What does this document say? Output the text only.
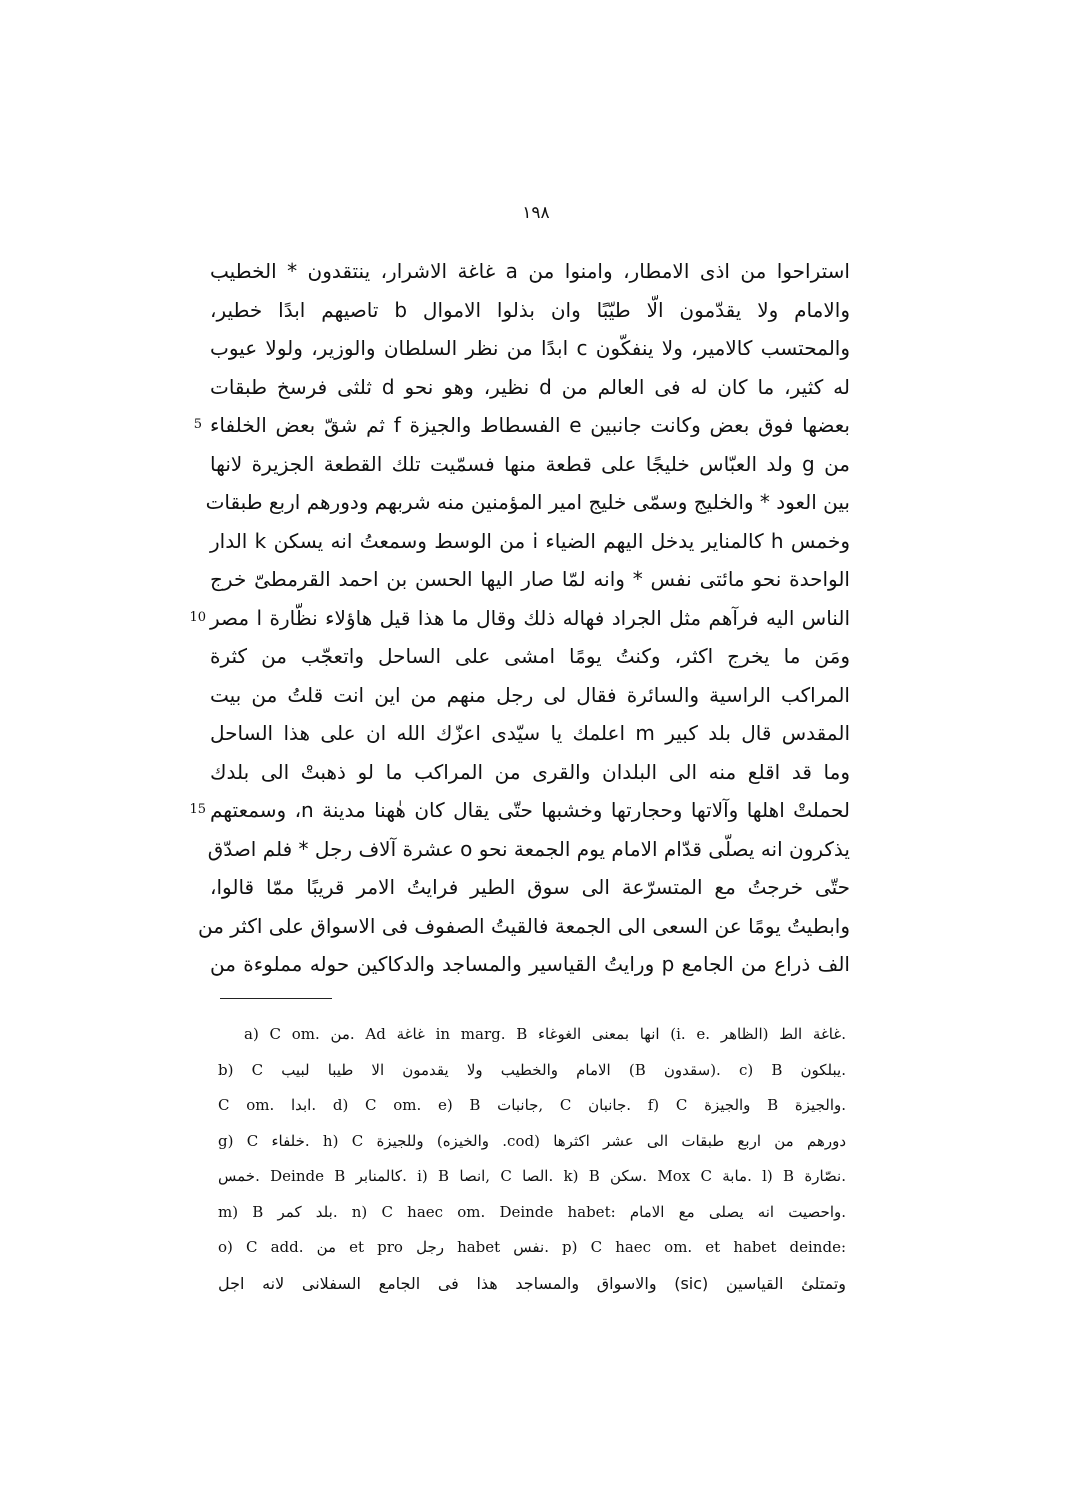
١٩٨
استراحوا من اذى الامطار، وامنوا من a غاغة الاشرار، ينتقدون * الخطيب
والامام ولا يقدّمون الّا طيّبًا وان بذلوا الاموال b تاصيهم ابدًا خطير،
والمحتسب كالامير، ولا ينفكّون c ابدًا من نظر السلطان والوزير، ولولا عيوب
له كثير، ما كان له فى العالم من d نظير، وهو نحو d ثلثى فرسخ طبقات
5 بعضها فوق بعض وكانت جانبين e الفسطاط والجيزة f ثم شقّ بعض الخلفاء
من g ولد العبّاس خليجًا على قطعة منها فسمّيت تلك القطعة الجزيرة لانها
بين العود * والخليج وسمّى خليج امير المؤمنين منه شربهم ودورهم اربع طبقات
وخمس h كالمناير يدخل اليهم الضياء i من الوسط وسمعتُ انه يسكن k الدار
الواحدة نحو مائتى نفس * وانه لمّا صار اليها الحسن بن احمد القرمطىّ خرج
10 الناس اليه فرآهم مثل الجراد فهاله ذلك وقال ما هذا قيل هاؤلاء نظّارة l مصر
ومَن ما يخرج اكثر، وكنتُ يومًا امشى على الساحل واتعجّب من كثرة
المراكب الراسية والسائرة فقال لى رجل منهم من اين انت قلتُ من بيت
المقدس قال بلد كبير m اعلمك يا سيّدى اعزّك الله ان على هذا الساحل
وما قد اقلع منه الى البلدان والقرى من المراكب ما لو ذهبتْ الى بلدك
15 لحملتْ اهلها وآلاتها وحجارتها وخشبها حتّى يقال كان هٰهنا مدينة n، وسمعتهم
يذكرون انه يصلّى قدّام الامام يوم الجمعة نحو o عشرة آلاف رجل * فلم اصدّق
حتّى خرجتُ مع المتسرّعة الى سوق الطير فرايتُ الامر قريبًا ممّا قالوا،
وابطيتُ يومًا عن السعى الى الجمعة فالقيتُ الصفوف فى الاسواق على اكثر من
الف ذراع من الجامع p ورايتُ القياسير والمساجد والدكاكين حوله مملوءة من
a) C om. من. Ad غاغة in marg. B انها بمعنى الغوغاء (i. e. الظاهر) غاغة الط.
b) C الامام والخطيب ولا يقدمون الا طيبا لبيب (B سقدون). c) B يبلكون.
C om. ابدا. d) C om. e) B جانبات, C جانبان. f) C والجيزة B والجيزة.
g) C خلفاء. h) C وللجيزة (والخيزه .cod) دورهم من اربع طبقات الى عشر اكثرها
خمس. Deinde B كالمنابر. i) B انصا, C الصا. k) B سكن. Mox C مابة. l) B نصّارة.
m) B بلد كمر. n) C haec om. Deinde habet: واحصيت انه يصلى مع الامام.
o) C add. من et pro رجل habet نفس. p) C haec om. et habet deinde:
وتمتلئ القياسين (sic) والاسواق والمساجد هذا فى الجامع السفلانى لانه اجل
